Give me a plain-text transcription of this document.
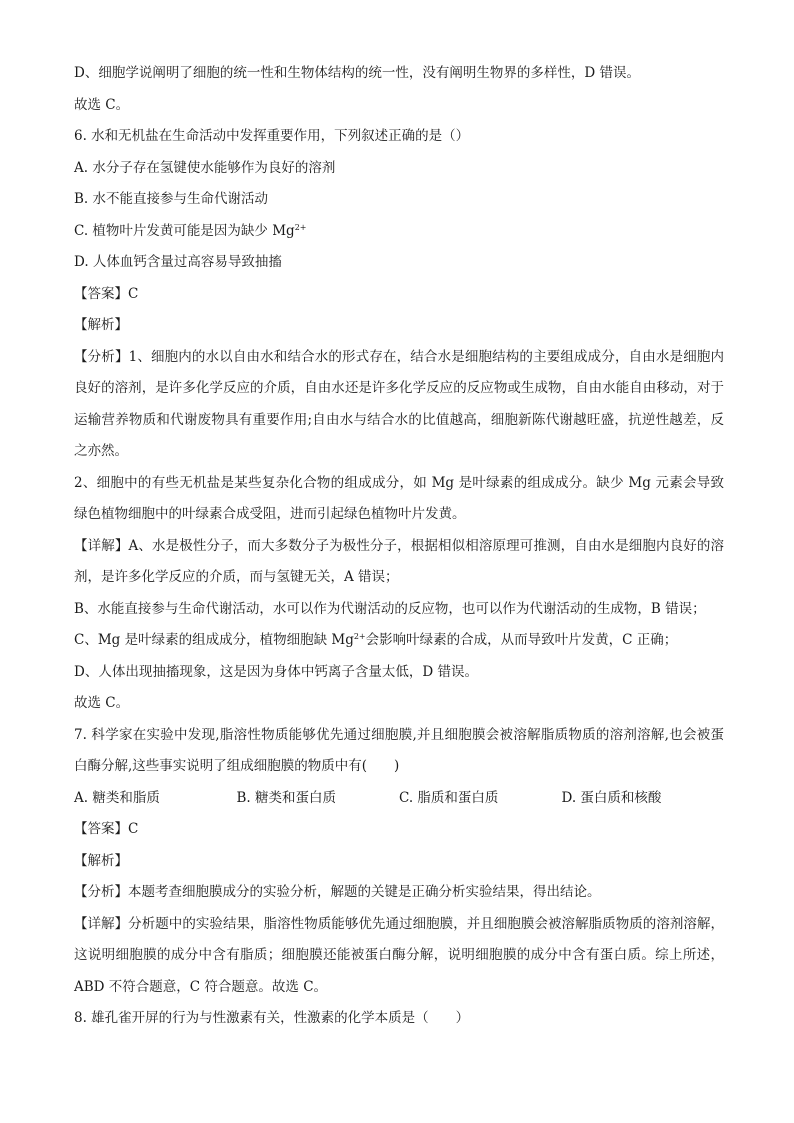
D、细胞学说阐明了细胞的统一性和生物体结构的统一性，没有阐明生物界的多样性，D 错误。
故选 C。
6. 水和无机盐在生命活动中发挥重要作用，下列叙述正确的是（）
A. 水分子存在氢键使水能够作为良好的溶剂
B. 水不能直接参与生命代谢活动
C. 植物叶片发黄可能是因为缺少 $Mg^{2+}$
D. 人体血钙含量过高容易导致抽搐
【答案】C
【解析】
【分析】1、细胞内的水以自由水和结合水的形式存在，结合水是细胞结构的主要组成成分，自由水是细胞内良好的溶剂，是许多化学反应的介质，自由水还是许多化学反应的反应物或生成物，自由水能自由移动，对于运输营养物质和代谢废物具有重要作用;自由水与结合水的比值越高，细胞新陈代谢越旺盛，抗逆性越差，反之亦然。
2、细胞中的有些无机盐是某些复杂化合物的组成成分，如 Mg 是叶绿素的组成成分。缺少 Mg 元素会导致绿色植物细胞中的叶绿素合成受阻，进而引起绿色植物叶片发黄。
【详解】A、水是极性分子，而大多数分子为极性分子，根据相似相溶原理可推测，自由水是细胞内良好的溶剂，是许多化学反应的介质，而与氢键无关，A 错误；
B、水能直接参与生命代谢活动，水可以作为代谢活动的反应物，也可以作为代谢活动的生成物，B 错误；
C、Mg 是叶绿素的组成成分，植物细胞缺 $Mg^{2+}$会影响叶绿素的合成，从而导致叶片发黄，C 正确；
D、人体出现抽搐现象，这是因为身体中钙离子含量太低，D 错误。
故选 C。
7. 科学家在实验中发现,脂溶性物质能够优先通过细胞膜,并且细胞膜会被溶解脂质物质的溶剂溶解,也会被蛋白酶分解,这些事实说明了组成细胞膜的物质中有(　　)
A. 糖类和脂质	B. 糖类和蛋白质	C. 脂质和蛋白质	D. 蛋白质和核酸
【答案】C
【解析】
【分析】本题考查细胞膜成分的实验分析，解题的关键是正确分析实验结果，得出结论。
【详解】分析题中的实验结果，脂溶性物质能够优先通过细胞膜，并且细胞膜会被溶解脂质物质的溶剂溶解，这说明细胞膜的成分中含有脂质；细胞膜还能被蛋白酶分解，说明细胞膜的成分中含有蛋白质。综上所述，ABD 不符合题意，C 符合题意。故选 C。
8. 雄孔雀开屏的行为与性激素有关，性激素的化学本质是（　　）
